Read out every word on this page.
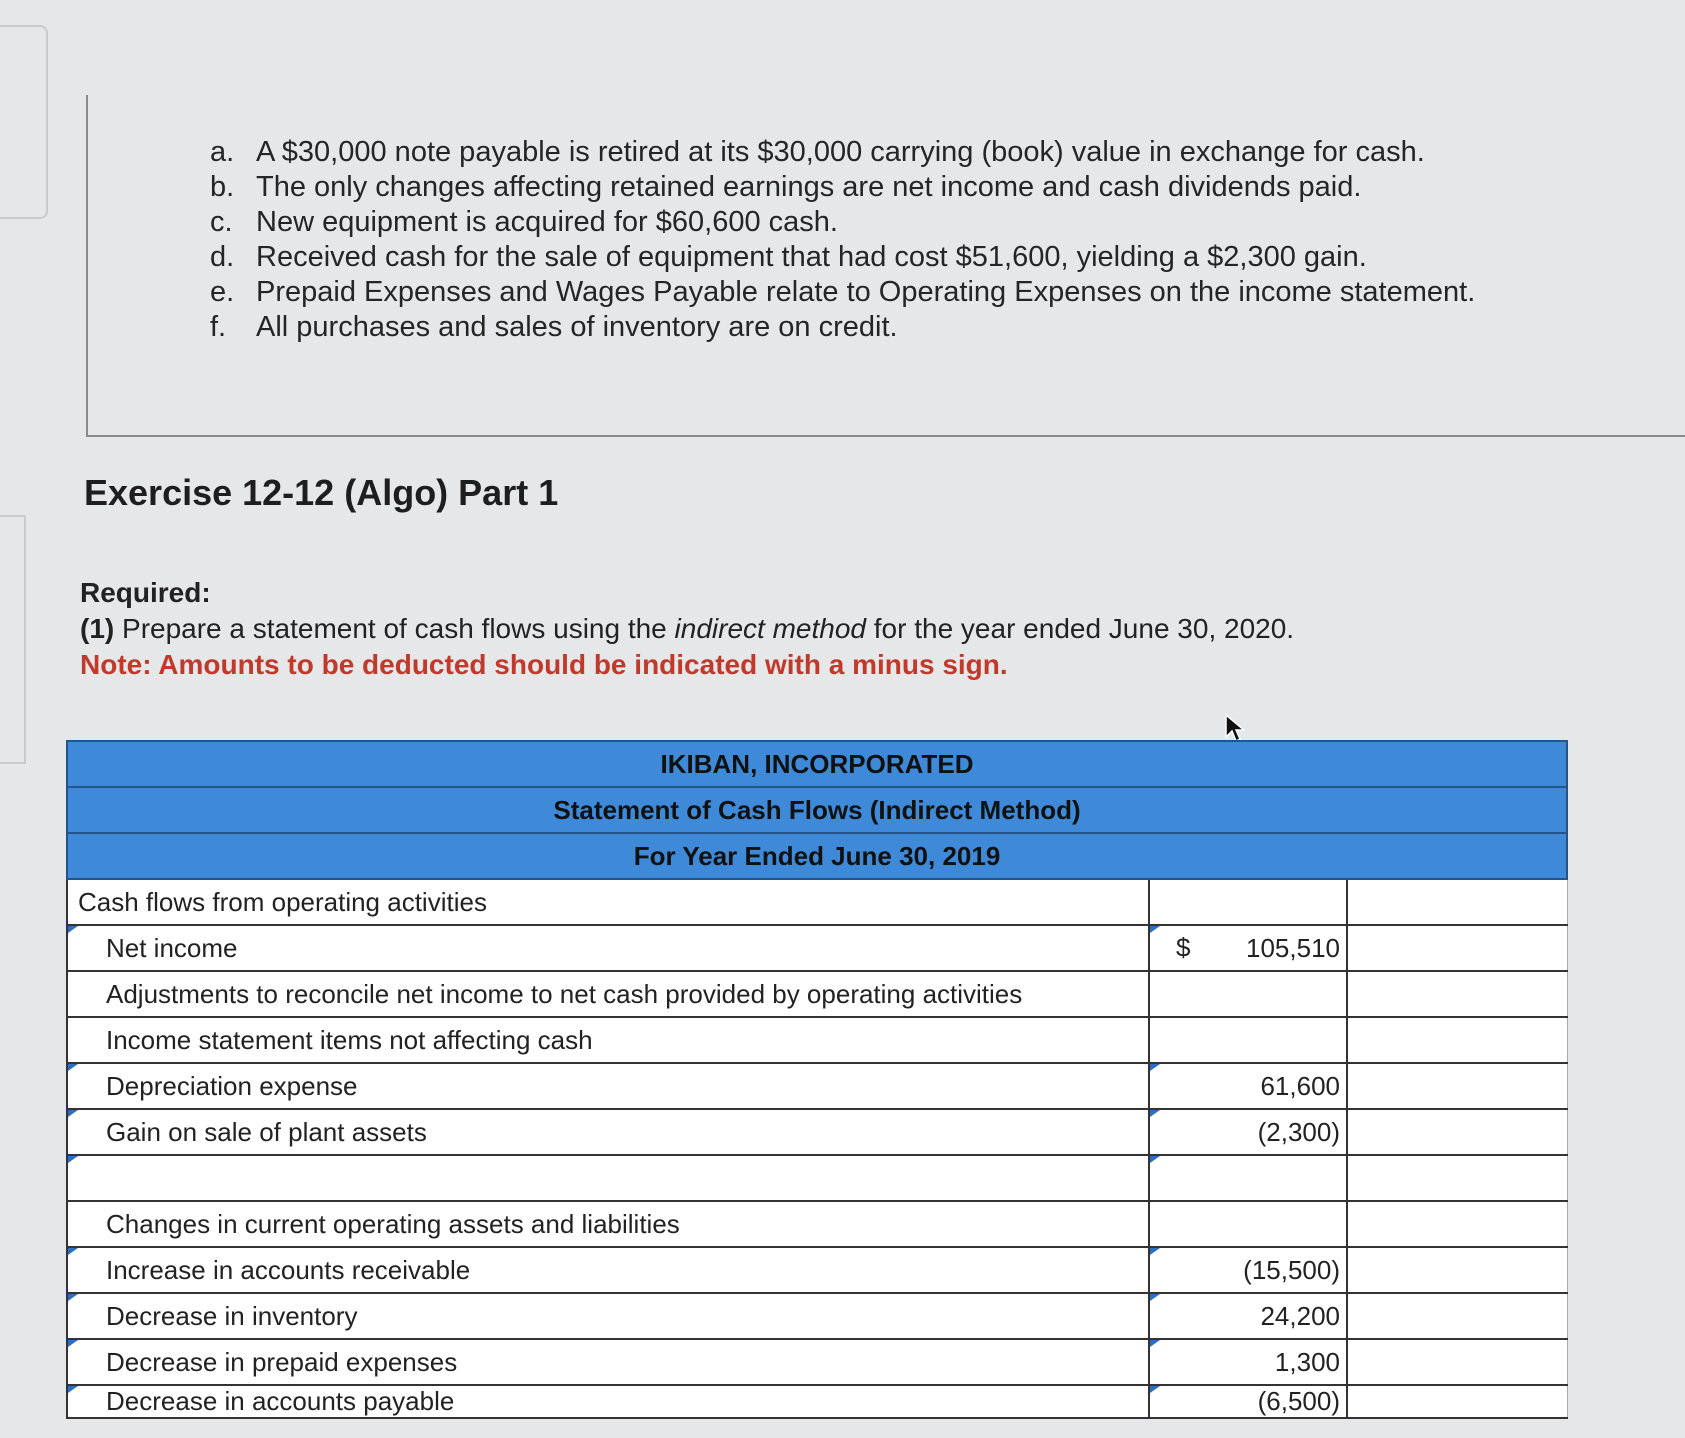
a. A $30,000 note payable is retired at its $30,000 carrying (book) value in exchange for cash.
b. The only changes affecting retained earnings are net income and cash dividends paid.
c. New equipment is acquired for $60,600 cash.
d. Received cash for the sale of equipment that had cost $51,600, yielding a $2,300 gain.
e. Prepaid Expenses and Wages Payable relate to Operating Expenses on the income statement.
f.	All purchases and sales of inventory are on credit.
Exercise 12-12 (Algo) Part 1
Required:
(1) Prepare a statement of cash flows using the indirect method for the year ended June 30, 2020.
Note: Amounts to be deducted should be indicated with a minus sign.
IKIBAN, INCORPORATED		
Statement of Cash Flows (Indirect Method)		
For Year Ended June 30, 2019		
Cash flows from operating activities		

Net income	$ 105,510	
Adjustments to reconcile net income to net cash provided by operating activities		
Income statement items not affecting cash		

Depreciation expense	61,600	

Gain on sale of plant assets	(2,300)	

Changes in current operating assets and liabilities		

Increase in accounts receivable	(15,500)	

Decrease in inventory	24,200	

Decrease in prepaid expenses	1,300	

Decrease in accounts payable	(6,500)	
